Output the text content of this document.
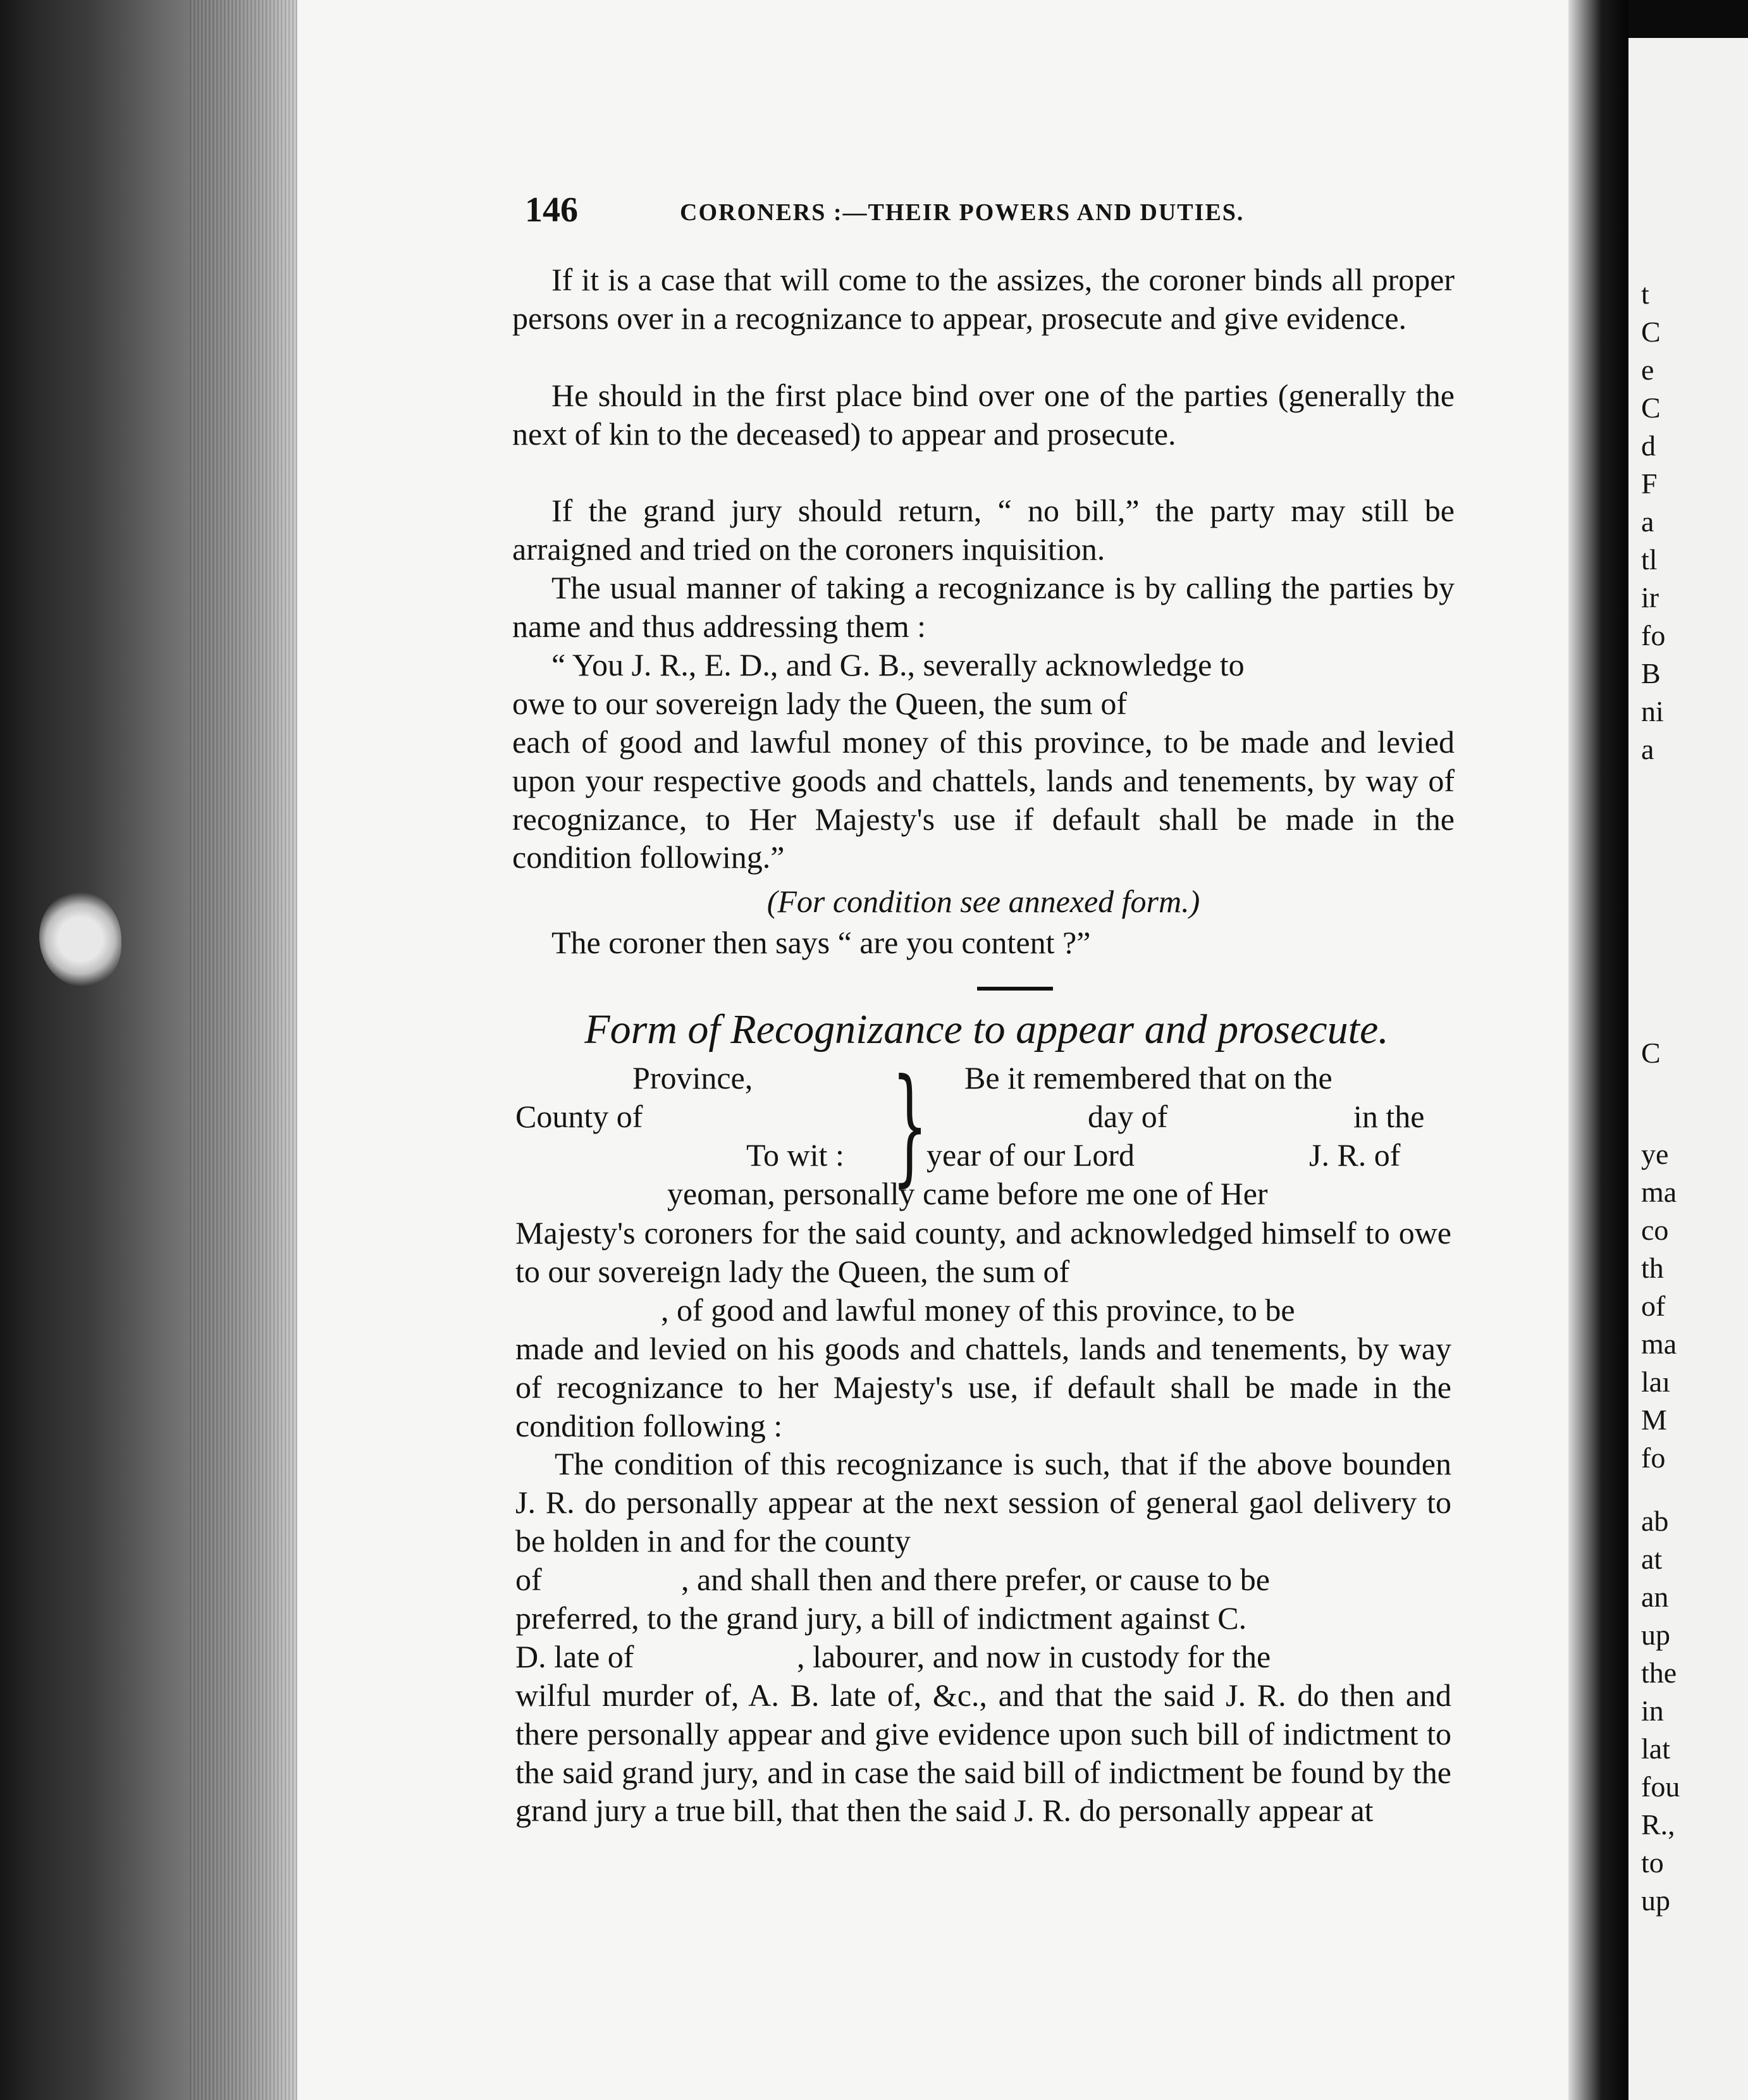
t
C
e
C
d
F
a
tl
ir
fo
B
ni
a
C
ye
ma
co
th
of
ma
laı
M
fo
ab
at
an
up
the
in
lat
fou
R.,
to
up
146	CORONERS :—THEIR POWERS AND DUTIES.

If it is a case that will come to the assizes, the coroner binds all proper persons over in a recognizance to appear, prosecute and give evidence.

He should in the first place bind over one of the parties (generally the next of kin to the deceased) to appear and prosecute.

If the grand jury should return, “ no bill,” the party may still be arraigned and tried on the coroners inquisition.

The usual manner of taking a recognizance is by calling the parties by name and thus addressing them :

“ You J. R., E. D., and G. B., severally acknowledge to
owe to our sovereign lady the Queen, the sum of

each of good and lawful money of this province, to be made and levied upon your respective goods and chattels, lands and tenements, by way of recognizance, to Her Majesty's use if default shall be made in the condition following.”

(For condition see annexed form.)
The coroner then says “ are you content ?”
Form of Recognizance to appear and prosecute.
Province,
County of
To wit : } Be it remembered that on the
day of	in the
year of our Lord	J. R. of
yeoman, personally came before me one of Her

Majesty's coroners for the said county, and acknowledged himself to owe to our sovereign lady the Queen, the sum of

, of good and lawful money of this province, to be

made and levied on his goods and chattels, lands and tenements, by way of recognizance to her Majesty's use, if default shall be made in the condition following :

The condition of this recognizance is such, that if the above bounden J. R. do personally appear at the next session of general gaol delivery to be holden in and for the county

of	, and shall then and there prefer, or cause to be
preferred, to the grand jury, a bill of indictment against C.
D. late of	, labourer, and now in custody for the

wilful murder of, A. B. late of, &c., and that the said J. R. do then and there personally appear and give evidence upon such bill of indictment to the said grand jury, and in case the said bill of indictment be found by the grand jury a true bill, that then the said J. R. do personally appear at
